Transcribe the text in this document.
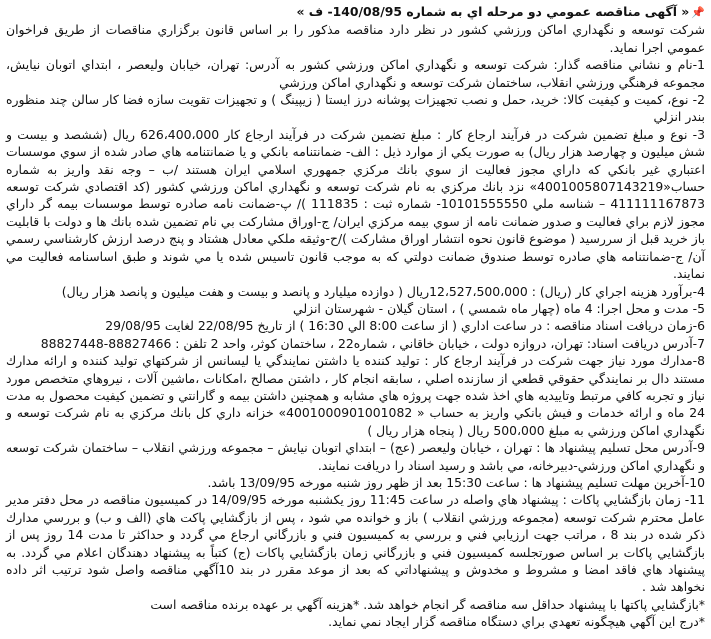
📌« آگهی مناقصه عمومي دو مرحله اي به شماره 140/08/95- ف »
شركت توسعه و نگهداري اماكن ورزشي كشور در نظر دارد مناقصه مذكور را بر اساس قانون برگزاري مناقصات از طريق فراخوان عمومي اجرا نمايد.
1-نام و نشاني مناقصه گذار: شركت توسعه و نگهداري اماكن ورزشي كشور به آدرس: تهران، خيابان وليعصر ، ابتداي اتوبان نيايش، مجموعه فرهنگي ورزشي انقلاب، ساختمان شركت توسعه و نگهداري اماكن ورزشي
2- نوع، كميت و كيفيت كالا: خريد، حمل و نصب تجهيزات پوشانه درز ايستا ( زيپينگ ) و تجهيزات تقويت سازه فضا كار سالن چند منظوره بندر انزلي
3- نوع و مبلغ تضمين شركت در فرآيند ارجاع كار : مبلغ تضمين شركت در فرآيند ارجاع كار 626،400،000 ريال (ششصد و بيست و شش ميليون و چهارصد هزار ريال) به صورت يكي از موارد ذيل : الف- ضمانتنامه بانكي و يا ضمانتنامه هاي صادر شده از سوي موسسات اعتباري غير بانكي كه داراي مجوز فعاليت از سوي بانك مركزي جمهوري اسلامي ايران هستند /ب – وجه نقد واريز به شماره حساب«4001005807143219» نزد بانك مركزي به نام شركت توسعه و نگهداري اماكن ورزشي كشور (كد اقتصادي شركت توسعه 411111167873 – شناسه ملي 10101555550- شماره ثبت : 111835 )/ پ-ضمانت نامه صادره توسط موسسات بيمه گر داراي مجوز لازم براي فعاليت و صدور ضمانت نامه از سوي بيمه مركزي ايران/ ج-اوراق مشاركت بي نام تضمين شده بانك ها و دولت با قابليت باز خريد قبل از سررسيد ( موضوع قانون نحوه انتشار اوراق مشاركت )/ح-وثيقه ملكي معادل هشتاد و پنج درصد ارزش كارشناسي رسمي آن/ ج-ضمانتنامه هاي صادره توسط صندوق ضمانت دولتي كه به موجب قانون تاسيس شده يا مي شوند و طبق اساسنامه فعاليت مي نمايند.
4-برآورد هزينه اجراي كار (ريال) : 12،527،500،000ريال ( دوازده ميليارد و پانصد و بيست و هفت ميليون و پانصد هزار ريال)
5- مدت و محل اجرا: 4 ماه (چهار ماه شمسي ) ، استان گيلان - شهرستان انزلي
6-زمان دريافت اسناد مناقصه : در ساعت اداري ( از ساعت 8:00 الي 16:30 ) از تاريخ 22/08/95 لغايت 29/08/95
7-آدرس دريافت اسناد: تهران، دروازه دولت ، خيابان خاقاني ، شماره22 ، ساختمان كوثر، واحد 2 تلفن : 88827466-88827448
8-مدارك مورد نياز جهت شركت در فرآيند ارجاع كار : توليد كننده يا داشتن نمايندگي يا ليسانس از شركتهاي توليد كننده و ارائه مدارك مستند دال بر نمايندگي حقوقي قطعي از سازنده اصلي ، سابقه انجام كار ، داشتن مصالح ،امكانات ،ماشين آلات ، نيروهاي متخصص مورد نياز و تجربه كافي مرتبط وتاييديه هاي اخذ شده جهت پروژه هاي مشابه و همچنين داشتن بيمه و گارانتي و تضمين كيفيت محصول به مدت 24 ماه و ارائه خدمات و فيش بانكي واريز به حساب « 4001000901001082» خزانه داري كل بانك مركزي به نام شركت توسعه و نگهداري اماكن ورزشي به مبلغ 500،000 ريال ( پنجاه هزار ريال )
9-آدرس محل تسليم پيشنهاد ها : تهران ، خيابان وليعصر (عج) – ابتداي اتوبان نيايش – مجموعه ورزشي انقلاب – ساختمان شركت توسعه و نگهداري اماكن ورزشي-دبيرخانه، مي باشد و رسيد اسناد را دريافت نمايند.
10-آخرين مهلت تسليم پيشنهاد ها : ساعت 15:30 بعد از ظهر روز شنبه مورخه 13/09/95 باشد.
11- زمان بازگشايي پاكات : پيشنهاد هاي واصله در ساعت 11:45 روز يكشنبه مورخه 14/09/95 در كميسيون مناقصه در محل دفتر مدير عامل محترم شركت توسعه (مجموعه ورزشي انقلاب ) باز و خوانده مي شود ، پس از بازگشايي پاكت هاي (الف و ب) و بررسي مدارك ذكر شده در بند 8 ، مراتب جهت ارزيابي فني و بررسي به كميسيون فني و بازرگاني ارجاع مي گردد و حداكثر تا مدت 14 روز پس از بازگشايي پاكات بر اساس صورتجلسه كميسيون فني و بازرگاني زمان بازگشايي پاكات (ج) كتباً به پيشنهاد دهندگان اعلام مي گردد. به پيشنهاد هاي فاقد امضا و مشروط و مخدوش و پيشنهاداتي كه بعد از موعد مقرر در بند 10آگهي مناقصه واصل شود ترتيب اثر داده نخواهد شد .
*بازگشايي پاكتها با پيشنهاد حداقل سه مناقصه گر انجام خواهد شد. *هزينه آگهي بر عهده برنده مناقصه است
*درج اين آگهي هيچگونه تعهدي براي دستگاه مناقصه گزار ايجاد نمي نمايد.
